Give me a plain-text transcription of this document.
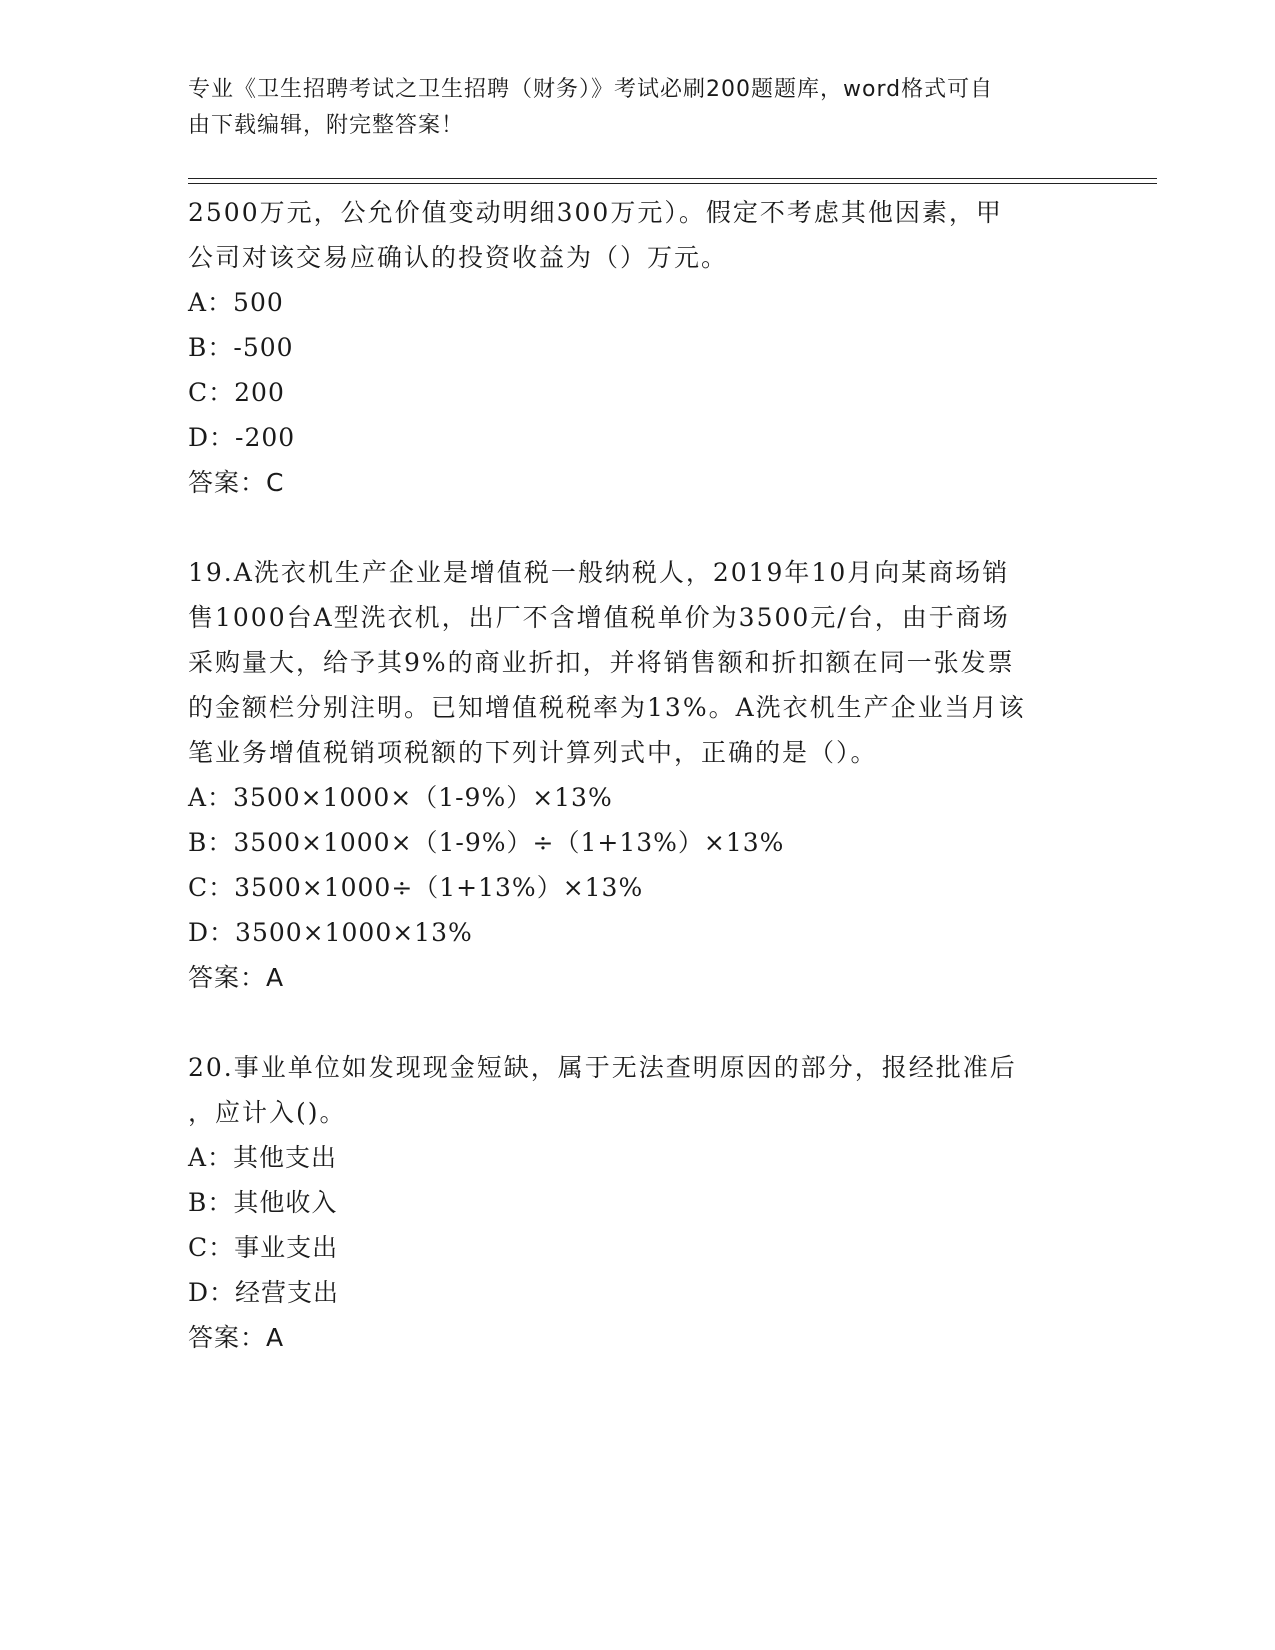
专业《卫生招聘考试之卫生招聘（财务）》考试必刷200题题库，word格式可自
由下载编辑，附完整答案！
2500万元，公允价值变动明细300万元）。假定不考虑其他因素，甲
公司对该交易应确认的投资收益为（）万元。
A：500
B：-500
C：200
D：-200
答案：C
19.A洗衣机生产企业是增值税一般纳税人，2019年10月向某商场销
售1000台A型洗衣机，出厂不含增值税单价为3500元/台，由于商场
采购量大，给予其9%的商业折扣，并将销售额和折扣额在同一张发票
的金额栏分别注明。已知增值税税率为13%。A洗衣机生产企业当月该
笔业务增值税销项税额的下列计算列式中，正确的是（）。
A：3500×1000×（1-9%）×13%
B：3500×1000×（1-9%）÷（1+13%）×13%
C：3500×1000÷（1+13%）×13%
D：3500×1000×13%
答案：A
20.事业单位如发现现金短缺，属于无法查明原因的部分，报经批准后
，应计入()。
A：其他支出
B：其他收入
C：事业支出
D：经营支出
答案：A
